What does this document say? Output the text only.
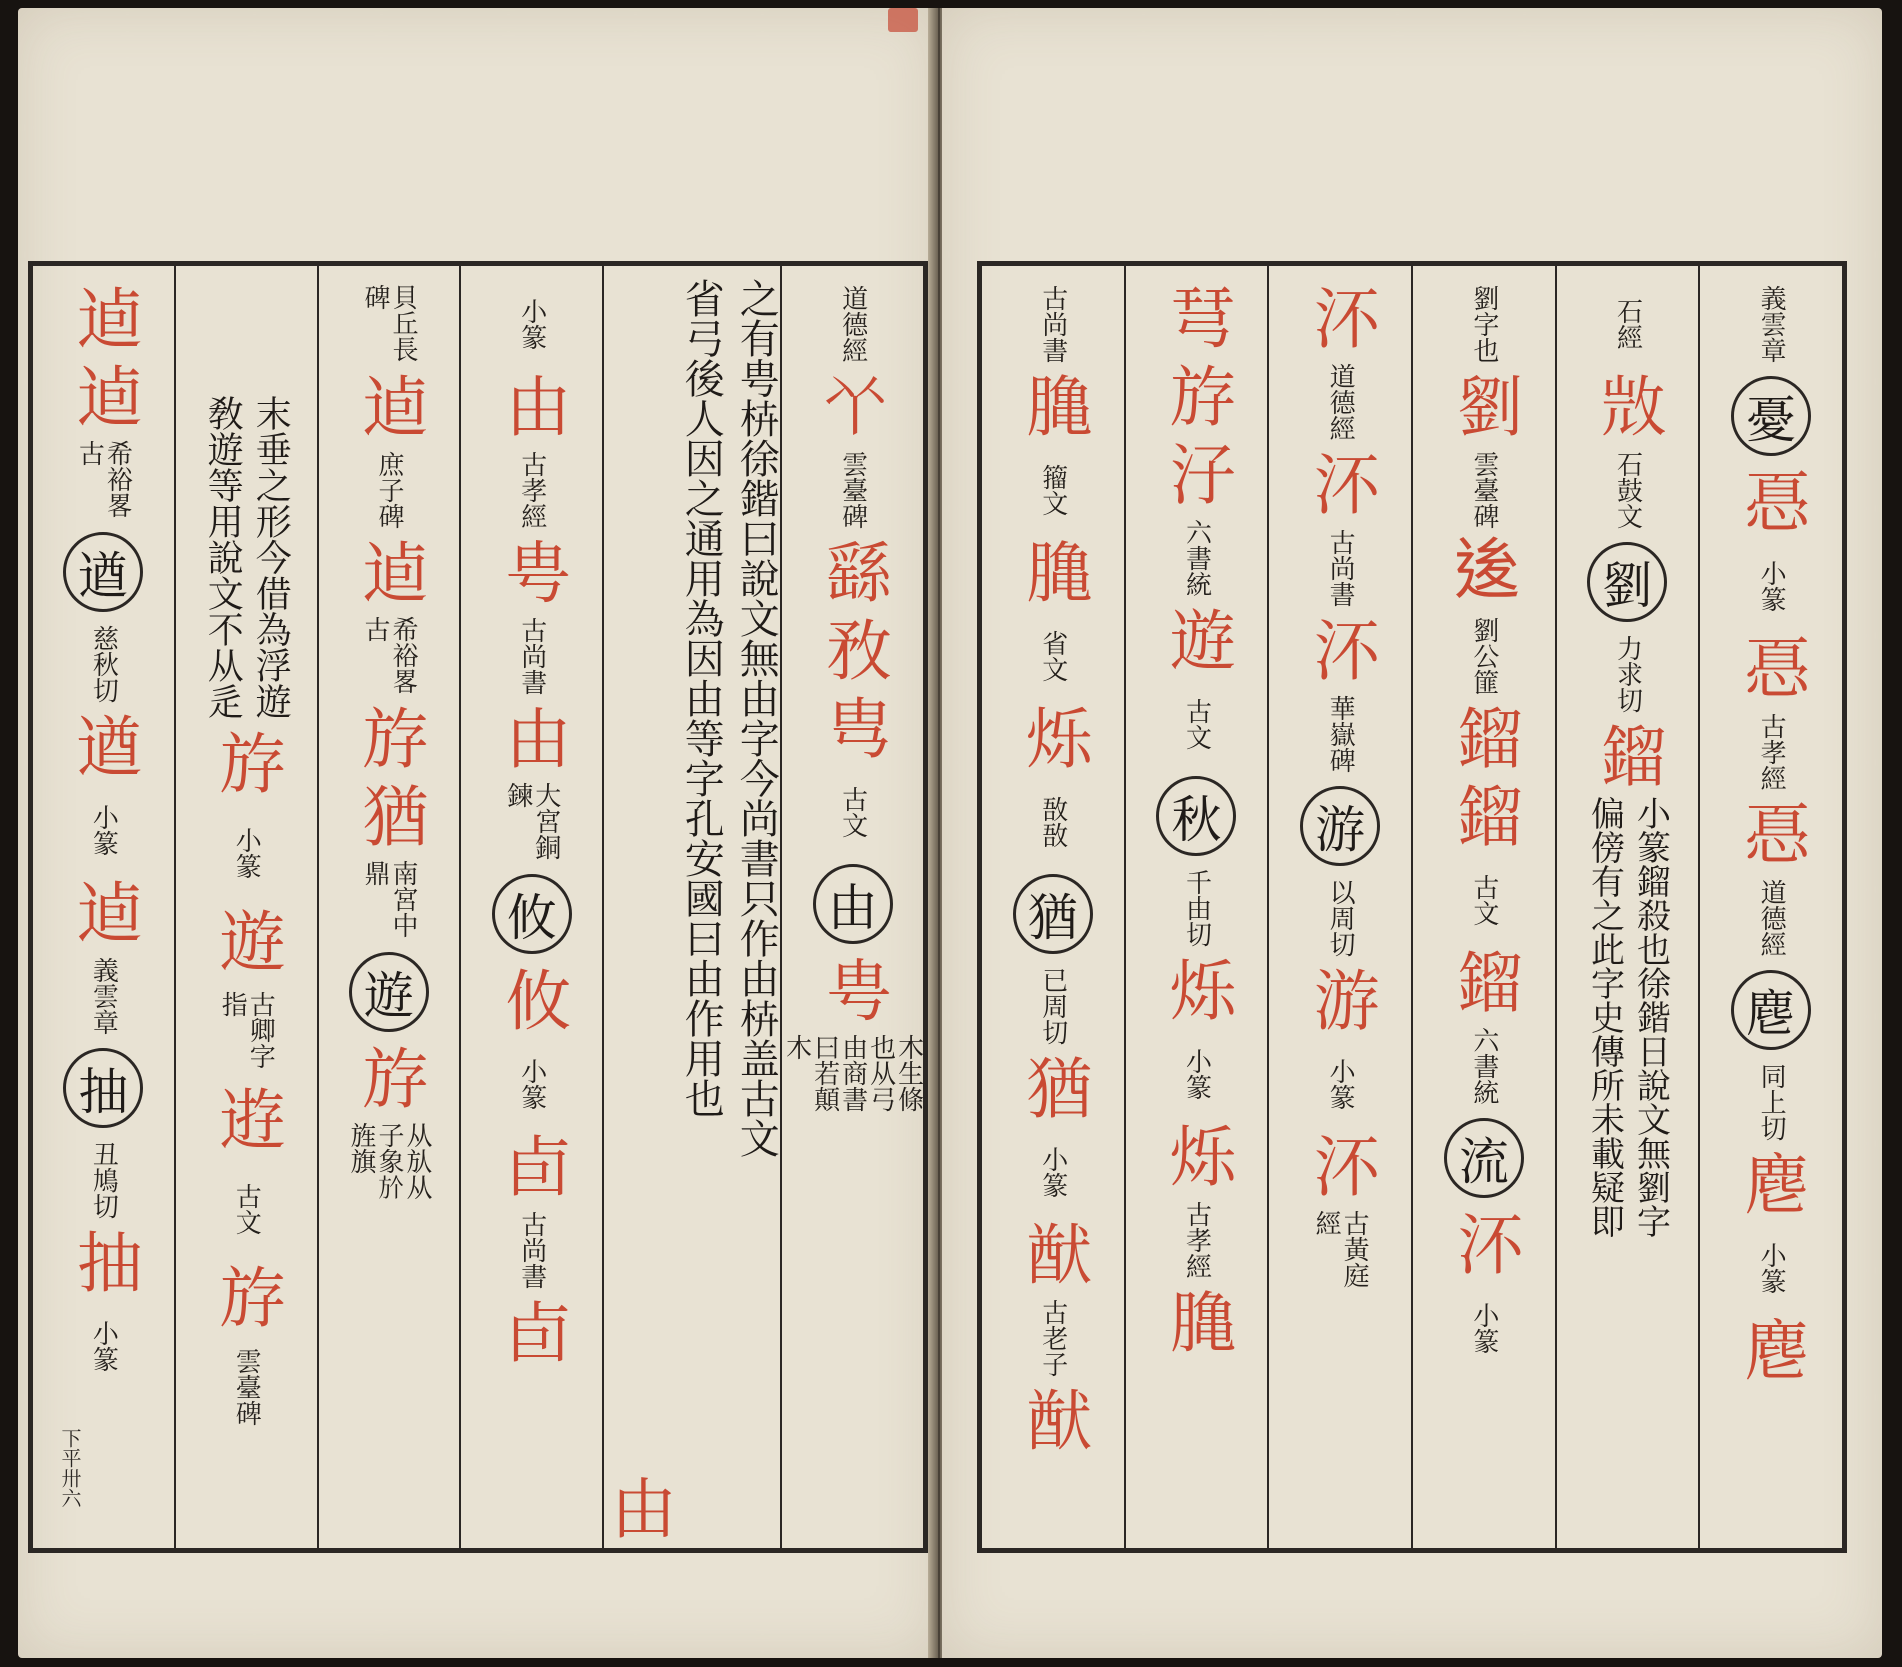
道德經
𠁥
雲臺碑
繇
敄
㽕
古文
由
甹
木生條也从弓由商書曰若顛木
之有甹枿徐鍇曰說文無由字今尚書只作由枿盖古文
省弓後人因之通用為因由等字孔安國曰由作用也
由
小篆
由
古孝經
甹
古尚書
由
大宮銅鍊
攸
攸
小篆
卣
古尚書
卣
貝丘長碑
逌
庶子碑
逌
希裕畧古
斿
猶
南宮中鼎
遊
斿
从㫃从子象𣃘旌旗
末垂之形今借為浮遊
敎遊等用說文不从辵
斿
小篆
遊
古卿字指
逰
古文
斿
雲臺碑
逌
逌
希裕畧古
遒
慈秋切
遒
小篆
逌
義雲章
抽
丑鳩切
抽
小篆
下平卅六
義雲章
憂
㥑
小篆
㥑
古孝經
㥑
道德經
麀
同上切
麀
小篆
麀
石經
𣁋
石鼓文
劉
力求切
鎦
小篆鎦殺也徐鍇日說文無劉字
偏傍有之此字史傳所未載疑即
劉字也
劉
雲臺碑
𨒥
劉公篚
鎦
鎦
古文
鎦
六書統
流
㳅
小篆
㳅
道德經
㳅
古尚書
㳅
華嶽碑
游
以周切
游
小篆
㳅
古黃庭經
𢏗
斿
汓
六書統
遊
古文
秋
千由切
烁
小篆
烁
古孝經
𪚲
古尚書
𪚲
籀文
𪚲
省文
烁
敔敔
猶
已周切
猶
小篆
猷
古老子
猷
